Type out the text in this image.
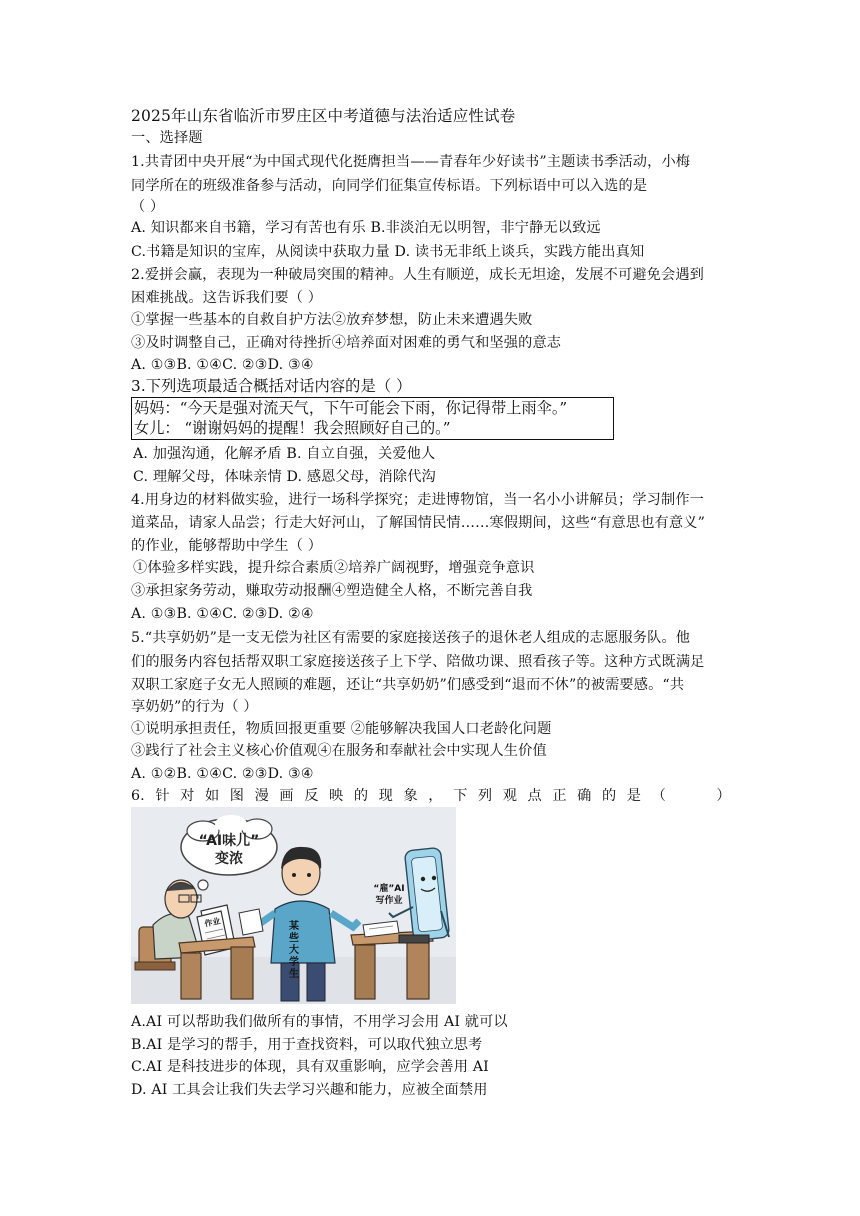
2025年山东省临沂市罗庄区中考道德与法治适应性试卷
一、选择题
1.共青团中央开展“为中国式现代化挺膺担当——青春年少好读书”主题读书季活动，小梅
同学所在的班级准备参与活动，向同学们征集宣传标语。下列标语中可以入选的是
（ ）
A. 知识都来自书籍，学习有苦也有乐 B.非淡泊无以明智，非宁静无以致远
C.书籍是知识的宝库，从阅读中获取力量 D. 读书无非纸上谈兵，实践方能出真知
2.爱拼会赢，表现为一种破局突围的精神。人生有顺逆，成长无坦途，发展不可避免会遇到
困难挑战。这告诉我们要（ ）
①掌握一些基本的自救自护方法②放弃梦想，防止未来遭遇失败
③及时调整自己，正确对待挫折④培养面对困难的勇气和坚强的意志
A. ①③B. ①④C. ②③D. ③④
3.下列选项最适合概括对话内容的是（ ）
妈妈：“今天是强对流天气，下午可能会下雨，你记得带上雨伞。”
女儿： “谢谢妈妈的提醒！我会照顾好自己的。”
A. 加强沟通，化解矛盾 B. 自立自强，关爱他人
C. 理解父母，体味亲情 D. 感恩父母，消除代沟
4.用身边的材料做实验，进行一场科学探究；走进博物馆，当一名小小讲解员；学习制作一
道菜品，请家人品尝；行走大好河山，了解国情民情……寒假期间，这些“有意思也有意义”
的作业，能够帮助中学生（ ）
①体验多样实践，提升综合素质②培养广阔视野，增强竞争意识
③承担家务劳动，赚取劳动报酬④塑造健全人格，不断完善自我
A. ①③B. ①④C. ②③D. ②④
5.“共享奶奶”是一支无偿为社区有需要的家庭接送孩子的退休老人组成的志愿服务队。他
们的服务内容包括帮双职工家庭接送孩子上下学、陪做功课、照看孩子等。这种方式既满足
双职工家庭子女无人照顾的难题，还让“共享奶奶”们感受到“退而不休”的被需要感。“共
享奶奶”的行为（ ）
①说明承担责任，物质回报更重要 ②能够解决我国人口老龄化问题
③践行了社会主义核心价值观④在服务和奉献社会中实现人生价值
A. ①②B. ①④C. ②③D. ③④
6. 针 对 如 图 漫 画 反 映 的 现 象 ， 下 列 观 点 正 确 的 是 （	）
“AI味儿”
变浓
作业	某
些
大
学
生
“雇”AI
写作业
A.AI 可以帮助我们做所有的事情，不用学习会用 AI 就可以
B.AI 是学习的帮手，用于查找资料，可以取代独立思考
C.AI 是科技进步的体现，具有双重影响，应学会善用 AI
D. AI 工具会让我们失去学习兴趣和能力，应被全面禁用
